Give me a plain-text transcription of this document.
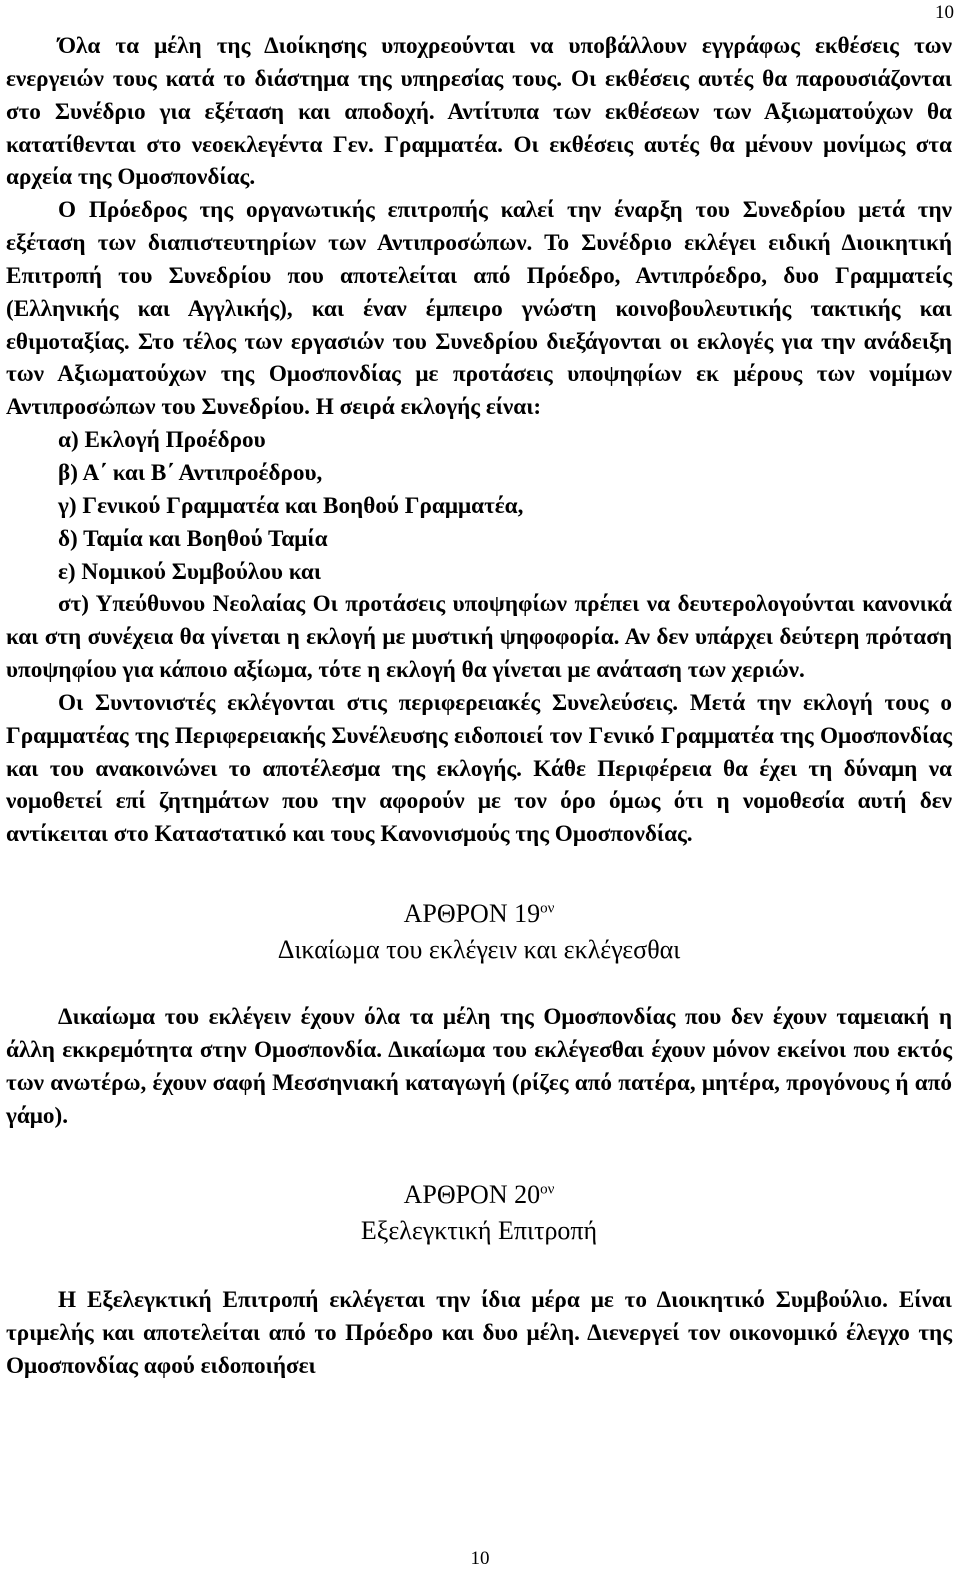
10

Όλα τα μέλη της Διοίκησης υποχρεούνται να υποβάλλουν εγγράφως εκθέσεις των ενεργειών τους κατά το διάστημα της υπηρεσίας τους. Οι εκθέσεις αυτές θα παρουσιάζονται στο Συνέδριο για εξέταση και αποδοχή. Αντίτυπα των εκθέσεων των Αξιωματούχων θα κατατίθενται στο νεοεκλεγέντα Γεν. Γραμματέα. Οι εκθέσεις αυτές θα μένουν μονίμως στα αρχεία της Ομοσπονδίας.

Ο Πρόεδρος της οργανωτικής επιτροπής καλεί την έναρξη του Συνεδρίου μετά την εξέταση των διαπιστευτηρίων των Αντιπροσώπων. Το Συνέδριο εκλέγει ειδική Διοικητική Επιτροπή του Συνεδρίου που αποτελείται από Πρόεδρο, Αντιπρόεδρο, δυο Γραμματείς (Ελληνικής και Αγγλικής), και έναν έμπειρο γνώστη κοινοβουλευτικής τακτικής και εθιμοταξίας. Στο τέλος των εργασιών του Συνεδρίου διεξάγονται οι εκλογές για την ανάδειξη των Αξιωματούχων της Ομοσπονδίας με προτάσεις υποψηφίων εκ μέρους των νομίμων Αντιπροσώπων του Συνεδρίου. Η σειρά εκλογής είναι:

α) Εκλογή Προέδρου

β) Α΄ και Β΄ Αντιπροέδρου,

γ) Γενικού Γραμματέα και Βοηθού Γραμματέα,

δ) Ταμία και Βοηθού Ταμία

ε) Νομικού Συμβούλου και

στ) Υπεύθυνου Νεολαίας Οι προτάσεις υποψηφίων πρέπει να δευτερολογούνται κανονικά και στη συνέχεια θα γίνεται η εκλογή με μυστική ψηφοφορία. Αν δεν υπάρχει δεύτερη πρόταση υποψηφίου για κάποιο αξίωμα, τότε η εκλογή θα γίνεται με ανάταση των χεριών.

Οι Συντονιστές εκλέγονται στις περιφερειακές Συνελεύσεις. Μετά την εκλογή τους ο Γραμματέας της Περιφερειακής Συνέλευσης ειδοποιεί τον Γενικό Γραμματέα της Ομοσπονδίας και του ανακοινώνει το αποτέλεσμα της εκλογής. Κάθε Περιφέρεια θα έχει τη δύναμη να νομοθετεί επί ζητημάτων που την αφορούν με τον όρο όμως ότι η νομοθεσία αυτή δεν αντίκειται στο Καταστατικό και τους Κανονισμούς της Ομοσπονδίας.

ΑΡΘΡΟΝ $19^{o\nu}$
Δικαίωμα του εκλέγειν και εκλέγεσθαι

Δικαίωμα του εκλέγειν έχουν όλα τα μέλη της Ομοσπονδίας που δεν έχουν ταμειακή η άλλη εκκρεμότητα στην Ομοσπονδία. Δικαίωμα του εκλέγεσθαι έχουν μόνον εκείνοι που εκτός των ανωτέρω, έχουν σαφή Μεσσηνιακή καταγωγή (ρίζες από πατέρα, μητέρα, προγόνους ή από γάμο).

ΑΡΘΡΟΝ $20^{o\nu}$
Εξελεγκτική Επιτροπή

Η Εξελεγκτική Επιτροπή εκλέγεται την ίδια μέρα με το Διοικητικό Συμβούλιο. Είναι τριμελής και αποτελείται από το Πρόεδρο και δυο μέλη. Διενεργεί τον οικονομικό έλεγχο της Ομοσπονδίας αφού ειδοποιήσει

10
